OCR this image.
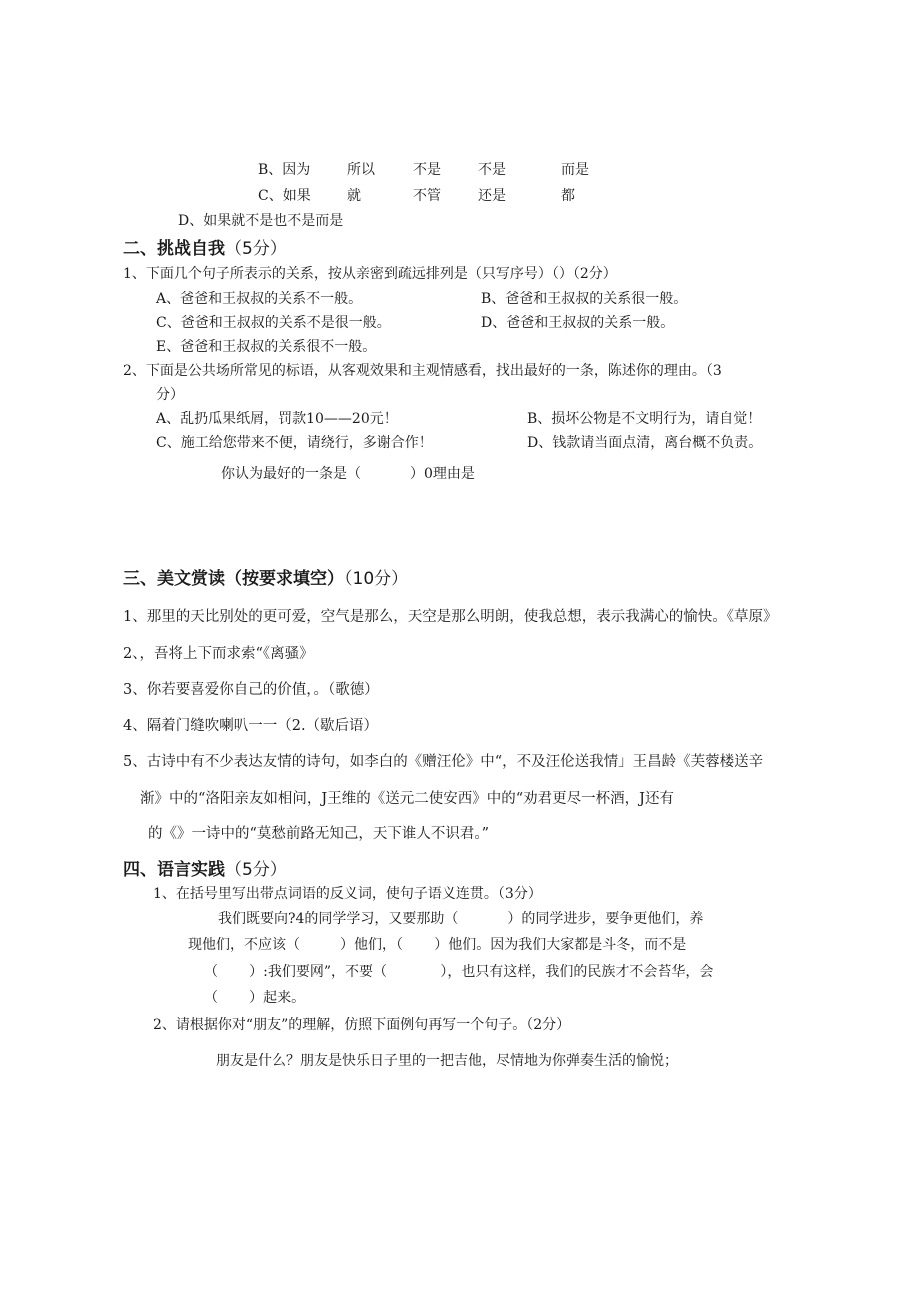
B、因为	所以	不是	不是	而是
C、如果	就	不管	还是	都
D、如果就不是也不是而是
二、挑战自我（5分）
1、下面几个句子所表示的关系，按从亲密到疏远排列是（只写序号）（）（2分）
A、爸爸和王叔叔的关系不一般。	B、爸爸和王叔叔的关系很一般。
C、爸爸和王叔叔的关系不是很一般。	D、爸爸和王叔叔的关系一般。
E、爸爸和王叔叔的关系很不一般。
2、下面是公共场所常见的标语，从客观效果和主观情感看，找出最好的一条，陈述你的理由。（3
分）
A、乱扔瓜果纸屑，罚款10——20元！	B、损坏公物是不文明行为，请自觉！
C、施工给您带来不便，请绕行，多谢合作！	D、钱款请当面点清，离台概不负责。
你认为最好的一条是（           ）0理由是
三、美文赏读（按要求填空）（10分）
1、那里的天比别处的更可爱，空气是那么，天空是那么明朗，使我总想，表示我满心的愉快。《草原》
2、，吾将上下而求索“《离骚》
3、你若要喜爱你自己的价值，。（歌德）
4、隔着门缝吹喇叭一一（2.（歇后语）
5、古诗中有不少表达友情的诗句，如李白的《赠汪伦》中“，不及汪伦送我情」王昌龄《芙蓉楼送辛
渐》中的“洛阳亲友如相问，J王维的《送元二使安西》中的“劝君更尽一杯酒，J还有
的《》一诗中的“莫愁前路无知己，天下谁人不识君。”
四、语言实践（5分）
1、在括号里写出带点词语的反义词，使句子语义连贯。（3分）
我们既要向?4的同学学习，又要那助（           ）的同学进步，要争更他们，养
现他们，不应该（         ）他们，（       ）他们。因为我们大家都是斗冬，而不是
（       ）:我们要网”，不要（            ），也只有这样，我们的民族才不会苔华，会
（       ）起来。
2、请根据你对“朋友”的理解，仿照下面例句再写一个句子。（2分）
朋友是什么？朋友是快乐日子里的一把吉他，尽情地为你弹奏生活的愉悦；
